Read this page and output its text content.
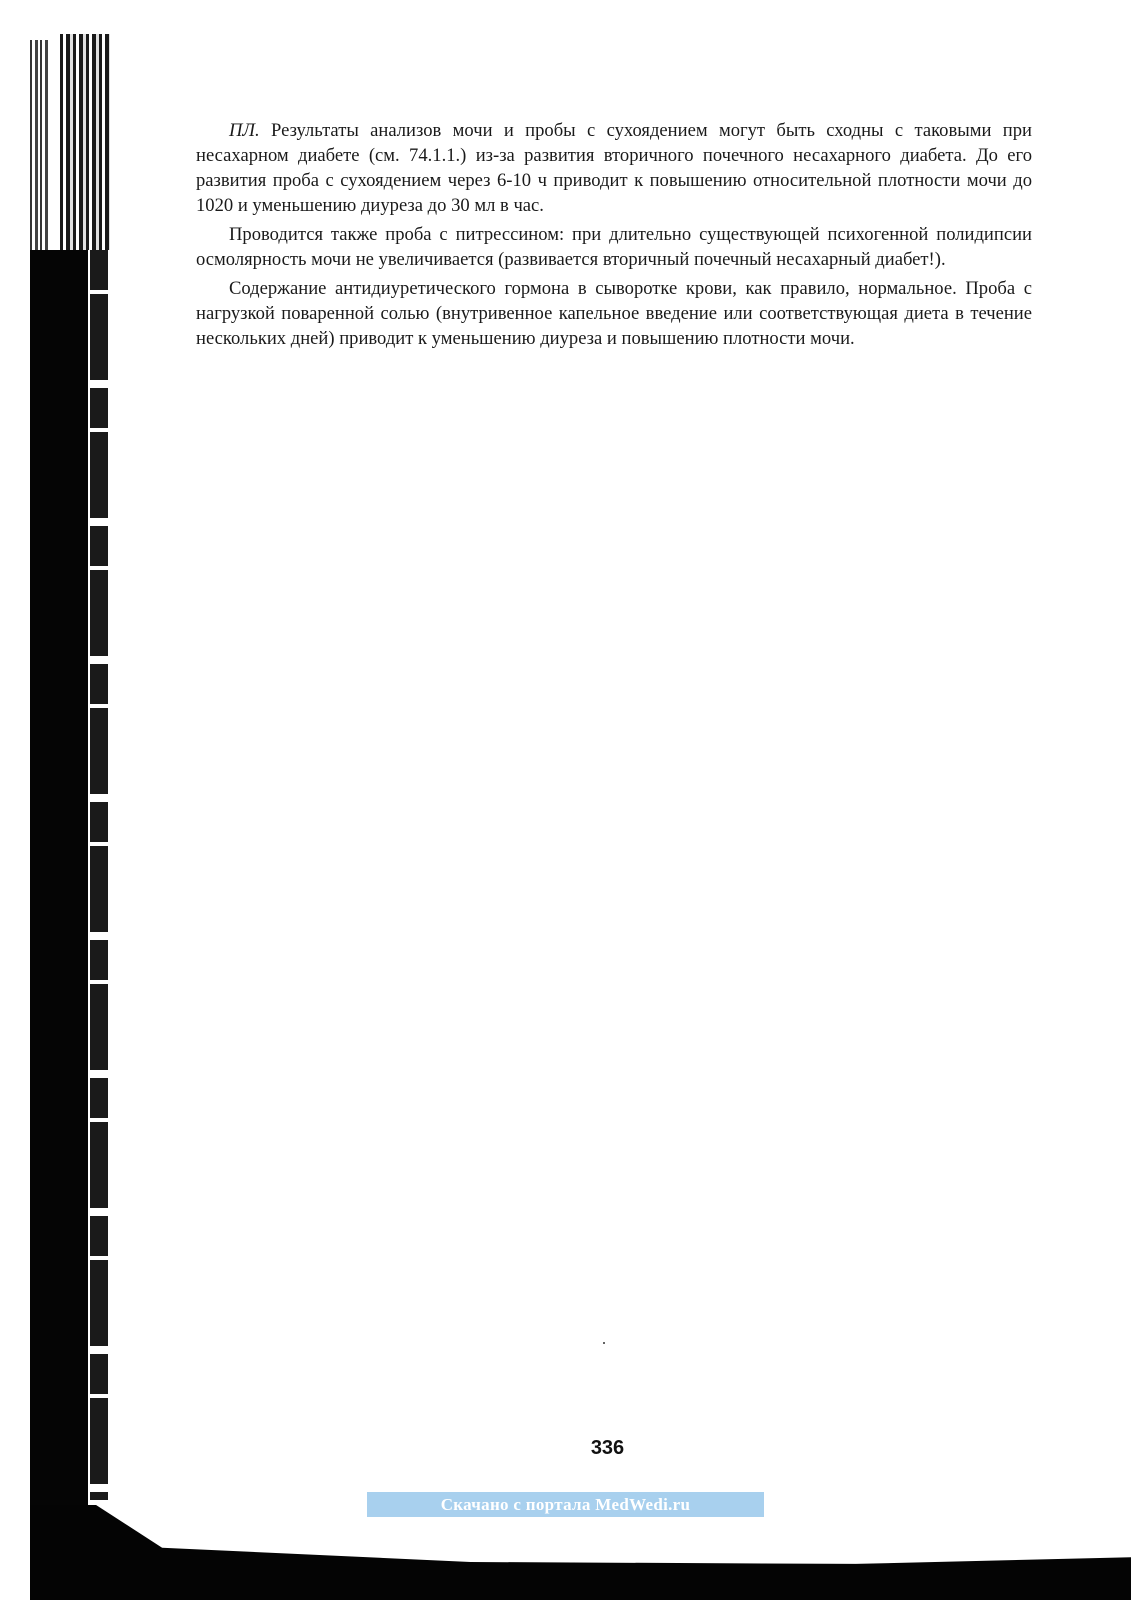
ПЛ. Результаты анализов мочи и пробы с сухоядением могут быть сходны с таковыми при несахарном диабете (см. 74.1.1.) из-за развития вторичного почечного несахарного диабета. До его развития проба с сухоядением через 6-10 ч приводит к повышению относительной плотности мочи до 1020 и уменьшению диуреза до 30 мл в час.

Проводится также проба с питрессином: при длительно существующей психогенной полидипсии осмолярность мочи не увеличивается (развивается вторичный почечный несахарный диабет!).

Содержание антидиуретического гормона в сыворотке крови, как правило, нормальное. Проба с нагрузкой поваренной солью (внутривенное капельное введение или соответствующая диета в течение нескольких дней) приводит к уменьшению диуреза и повышению плотности мочи.

336
Скачано с портала MedWedi.ru
